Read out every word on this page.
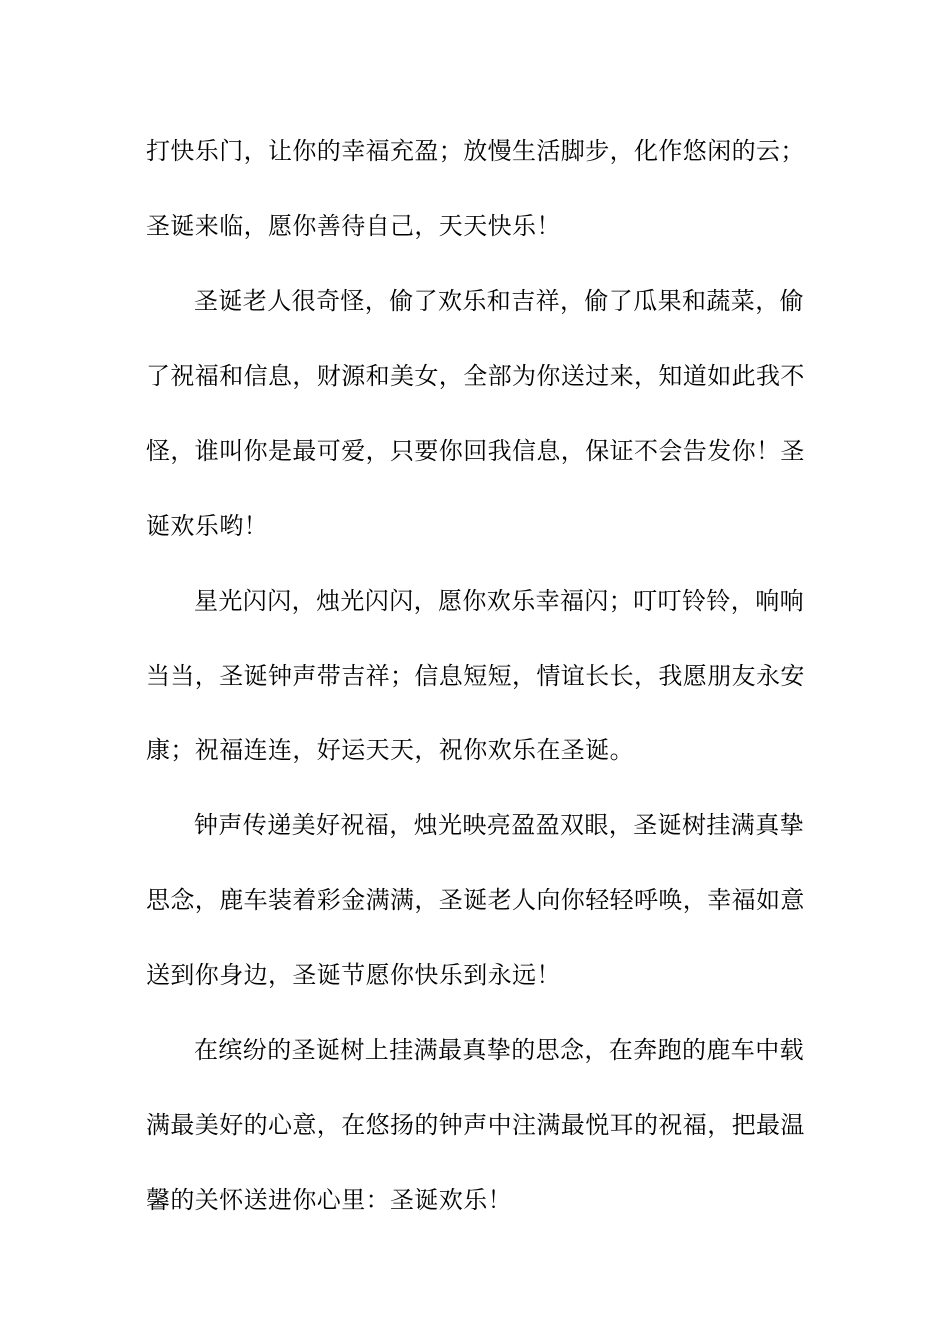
打快乐门，让你的幸福充盈；放慢生活脚步，化作悠闲的云；
圣诞来临，愿你善待自己，天天快乐！
圣诞老人很奇怪，偷了欢乐和吉祥，偷了瓜果和蔬菜，偷
了祝福和信息，财源和美女，全部为你送过来，知道如此我不
怪，谁叫你是最可爱，只要你回我信息，保证不会告发你！圣
诞欢乐哟！
星光闪闪，烛光闪闪，愿你欢乐幸福闪；叮叮铃铃，响响
当当，圣诞钟声带吉祥；信息短短，情谊长长，我愿朋友永安
康；祝福连连，好运天天，祝你欢乐在圣诞。
钟声传递美好祝福，烛光映亮盈盈双眼，圣诞树挂满真挚
思念，鹿车装着彩金满满，圣诞老人向你轻轻呼唤，幸福如意
送到你身边，圣诞节愿你快乐到永远！
在缤纷的圣诞树上挂满最真挚的思念，在奔跑的鹿车中载
满最美好的心意，在悠扬的钟声中注满最悦耳的祝福，把最温
馨的关怀送进你心里：圣诞欢乐！
